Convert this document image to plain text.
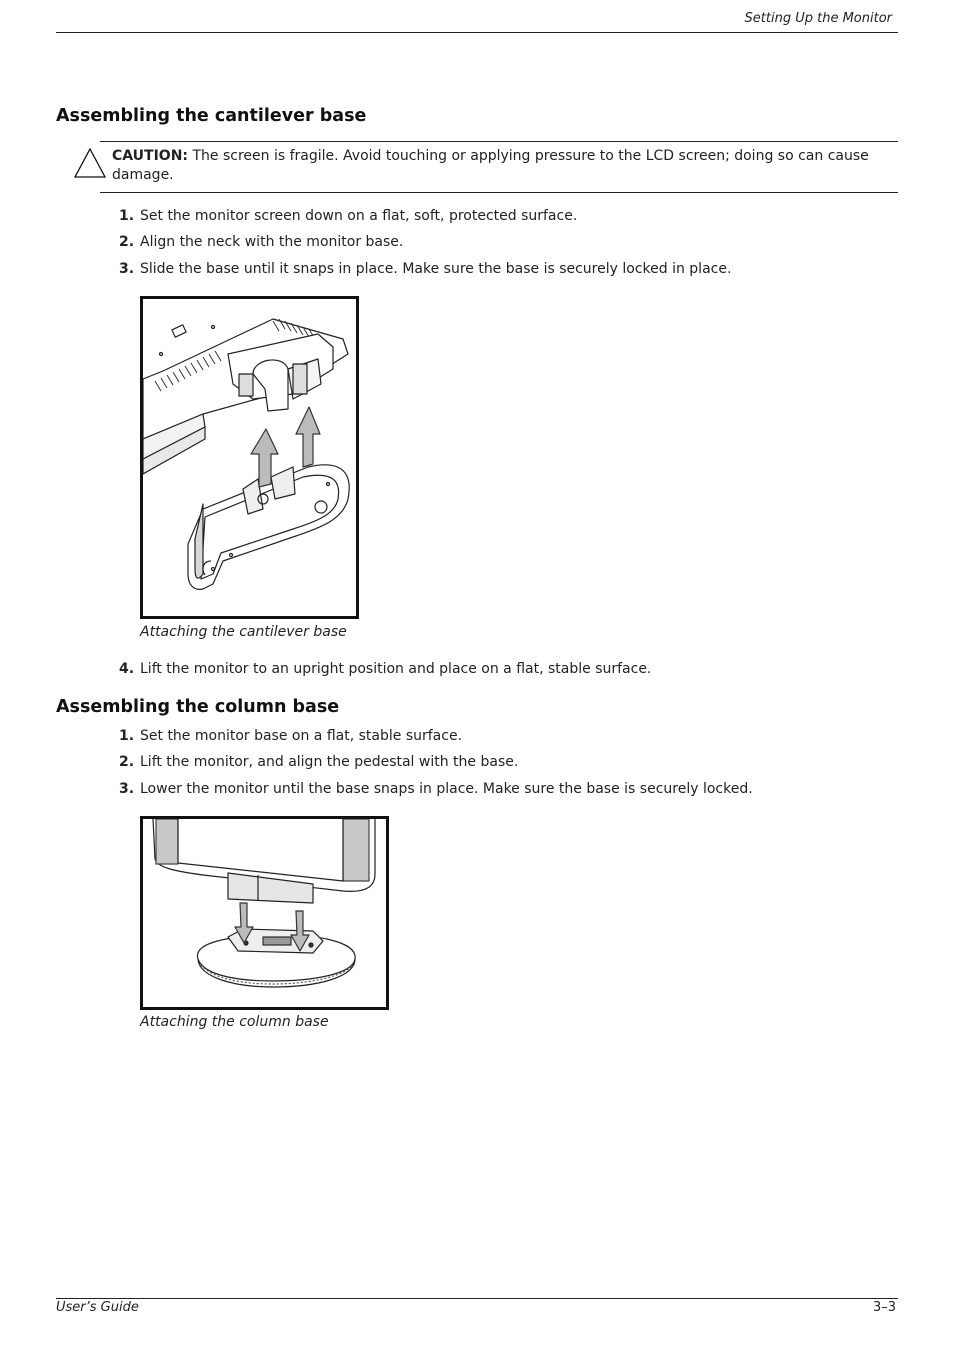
Setting Up the Monitor
Assembling the cantilever base
CAUTION: The screen is fragile. Avoid touching or applying pressure to the LCD screen; doing so can cause damage.
1. Set the monitor screen down on a flat, soft, protected surface.
2. Align the neck with the monitor base.
3. Slide the base until it snaps in place. Make sure the base is securely locked in place.
Attaching the cantilever base
4. Lift the monitor to an upright position and place on a flat, stable surface.
Assembling the column base
1. Set the monitor base on a flat, stable surface.
2. Lift the monitor, and align the pedestal with the base.
3. Lower the monitor until the base snaps in place. Make sure the base is securely locked.
Attaching the column base
User’s Guide	3–3
